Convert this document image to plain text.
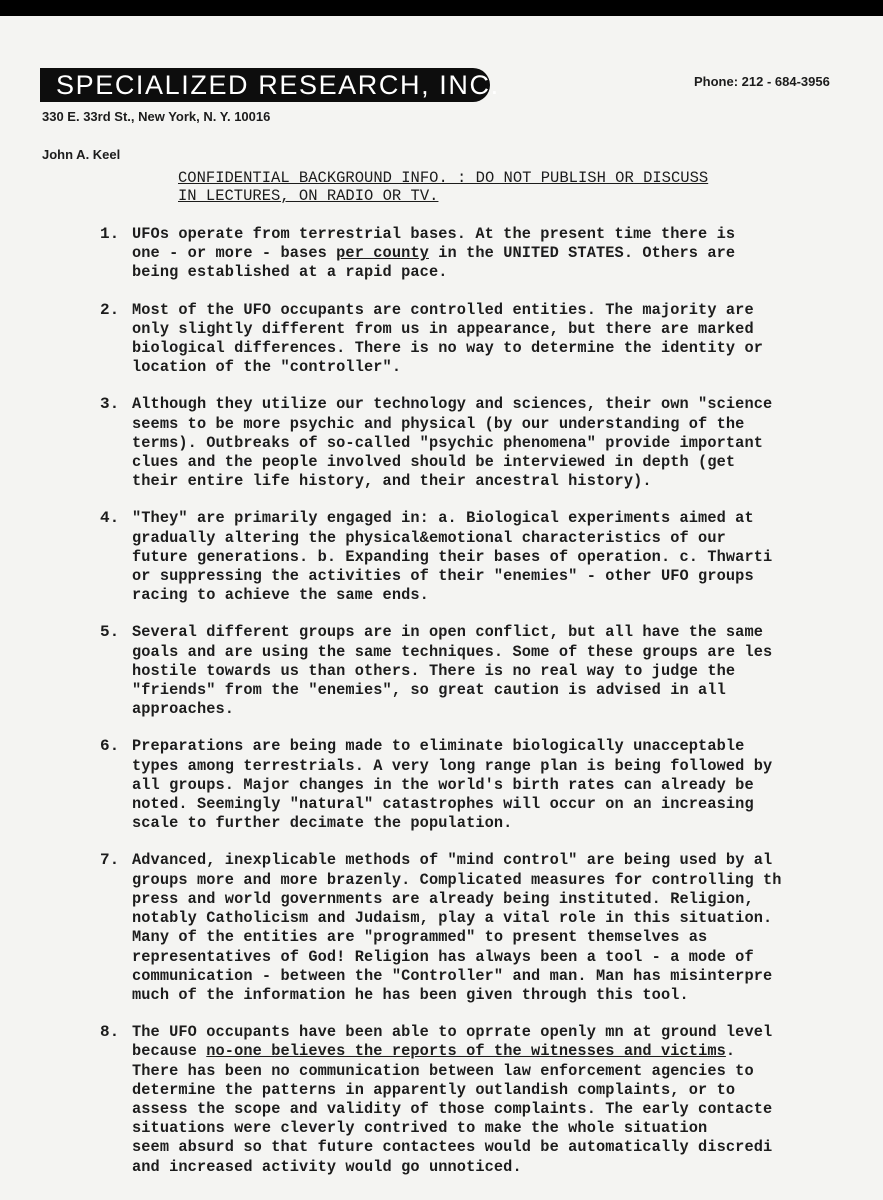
SPECIALIZED RESEARCH, INC.	Phone: 212 - 684-3956
330 E. 33rd St., New York, N. Y. 10016
John A. Keel
CONFIDENTIAL BACKGROUND INFO. : DO NOT PUBLISH OR DISCUSS
IN LECTURES, ON RADIO OR TV.
1. UFOs operate from terrestrial bases. At the present time there is
one - or more - bases per county in the UNITED STATES. Others are
being established at a rapid pace.
2. Most of the UFO occupants are controlled entities. The majority are
only slightly different from us in appearance, but there are marked
biological differences. There is no way to determine the identity or
location of the "controller".
3. Although they utilize our technology and sciences, their own "science
seems to be more psychic and physical (by our understanding of the
terms). Outbreaks of so-called "psychic phenomena" provide important
clues and the people involved should be interviewed in depth (get
their entire life history, and their ancestral history).
4. "They" are primarily engaged in: a. Biological experiments aimed at
gradually altering the physical&emotional characteristics of our
future generations. b. Expanding their bases of operation. c. Thwarti
or suppressing the activities of their "enemies" - other UFO groups
racing to achieve the same ends.
5. Several different groups are in open conflict, but all have the same
goals and are using the same techniques. Some of these groups are les
hostile towards us than others. There is no real way to judge the
"friends" from the "enemies", so great caution is advised in all
approaches.
6. Preparations are being made to eliminate biologically unacceptable
types among terrestrials. A very long range plan is being followed by
all groups. Major changes in the world's birth rates can already be
noted. Seemingly "natural" catastrophes will occur on an increasing
scale to further decimate the population.
7. Advanced, inexplicable methods of "mind control" are being used by al
groups more and more brazenly. Complicated measures for controlling th
press and world governments are already being instituted. Religion,
notably Catholicism and Judaism, play a vital role in this situation.
Many of the entities are "programmed" to present themselves as
representatives of God! Religion has always been a tool - a mode of
communication - between the "Controller" and man. Man has misinterpre
much of the information he has been given through this tool.
8. The UFO occupants have been able to oprrate openly mn at ground level
because no-one believes the reports of the witnesses and victims.
There has been no communication between law enforcement agencies to
determine the patterns in apparently outlandish complaints, or to
assess the scope and validity of those complaints. The early contacte
situations were cleverly contrived to make the whole situation
seem absurd so that future contactees would be automatically discredi
and increased activity would go unnoticed.
